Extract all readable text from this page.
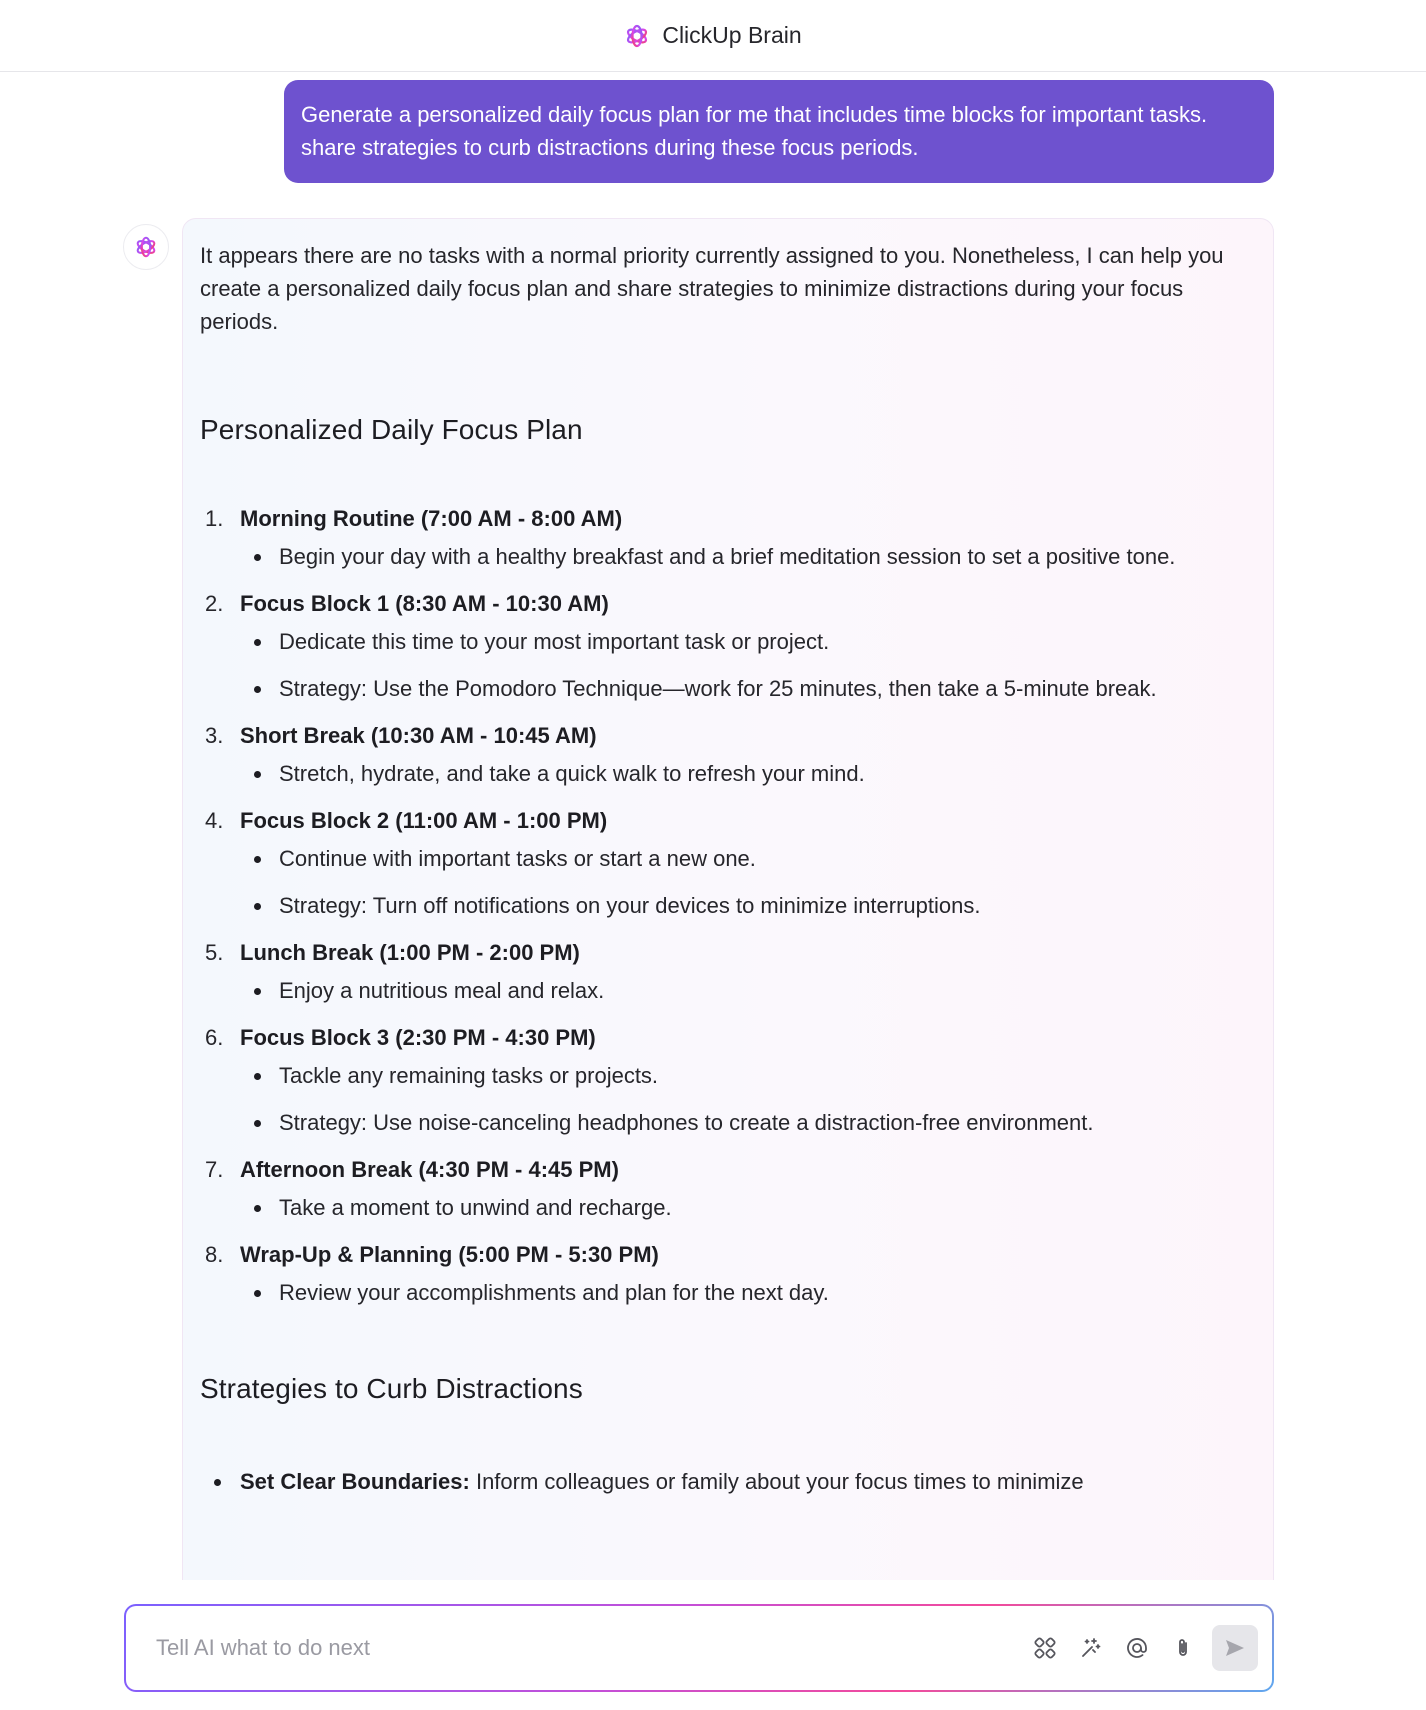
ClickUp Brain
Generate a personalized daily focus plan for me that includes time blocks for important tasks. share strategies to curb distractions during these focus periods.

It appears there are no tasks with a normal priority currently assigned to you. Nonetheless, I can help you create a personalized daily focus plan and share strategies to minimize distractions during your focus periods.

Personalized Daily Focus Plan
1. Morning Routine (7:00 AM - 8:00 AM)
Begin your day with a healthy breakfast and a brief meditation session to set a positive tone.
2. Focus Block 1 (8:30 AM - 10:30 AM)
Dedicate this time to your most important task or project.
Strategy: Use the Pomodoro Technique—work for 25 minutes, then take a 5-minute break.
3. Short Break (10:30 AM - 10:45 AM)
Stretch, hydrate, and take a quick walk to refresh your mind.
4. Focus Block 2 (11:00 AM - 1:00 PM)
Continue with important tasks or start a new one.
Strategy: Turn off notifications on your devices to minimize interruptions.
5. Lunch Break (1:00 PM - 2:00 PM)
Enjoy a nutritious meal and relax.
6. Focus Block 3 (2:30 PM - 4:30 PM)
Tackle any remaining tasks or projects.
Strategy: Use noise-canceling headphones to create a distraction-free environment.
7. Afternoon Break (4:30 PM - 4:45 PM)
Take a moment to unwind and recharge.
8. Wrap-Up & Planning (5:00 PM - 5:30 PM)
Review your accomplishments and plan for the next day.
Strategies to Curb Distractions
Set Clear Boundaries: Inform colleagues or family about your focus times to minimize
Tell AI what to do next
